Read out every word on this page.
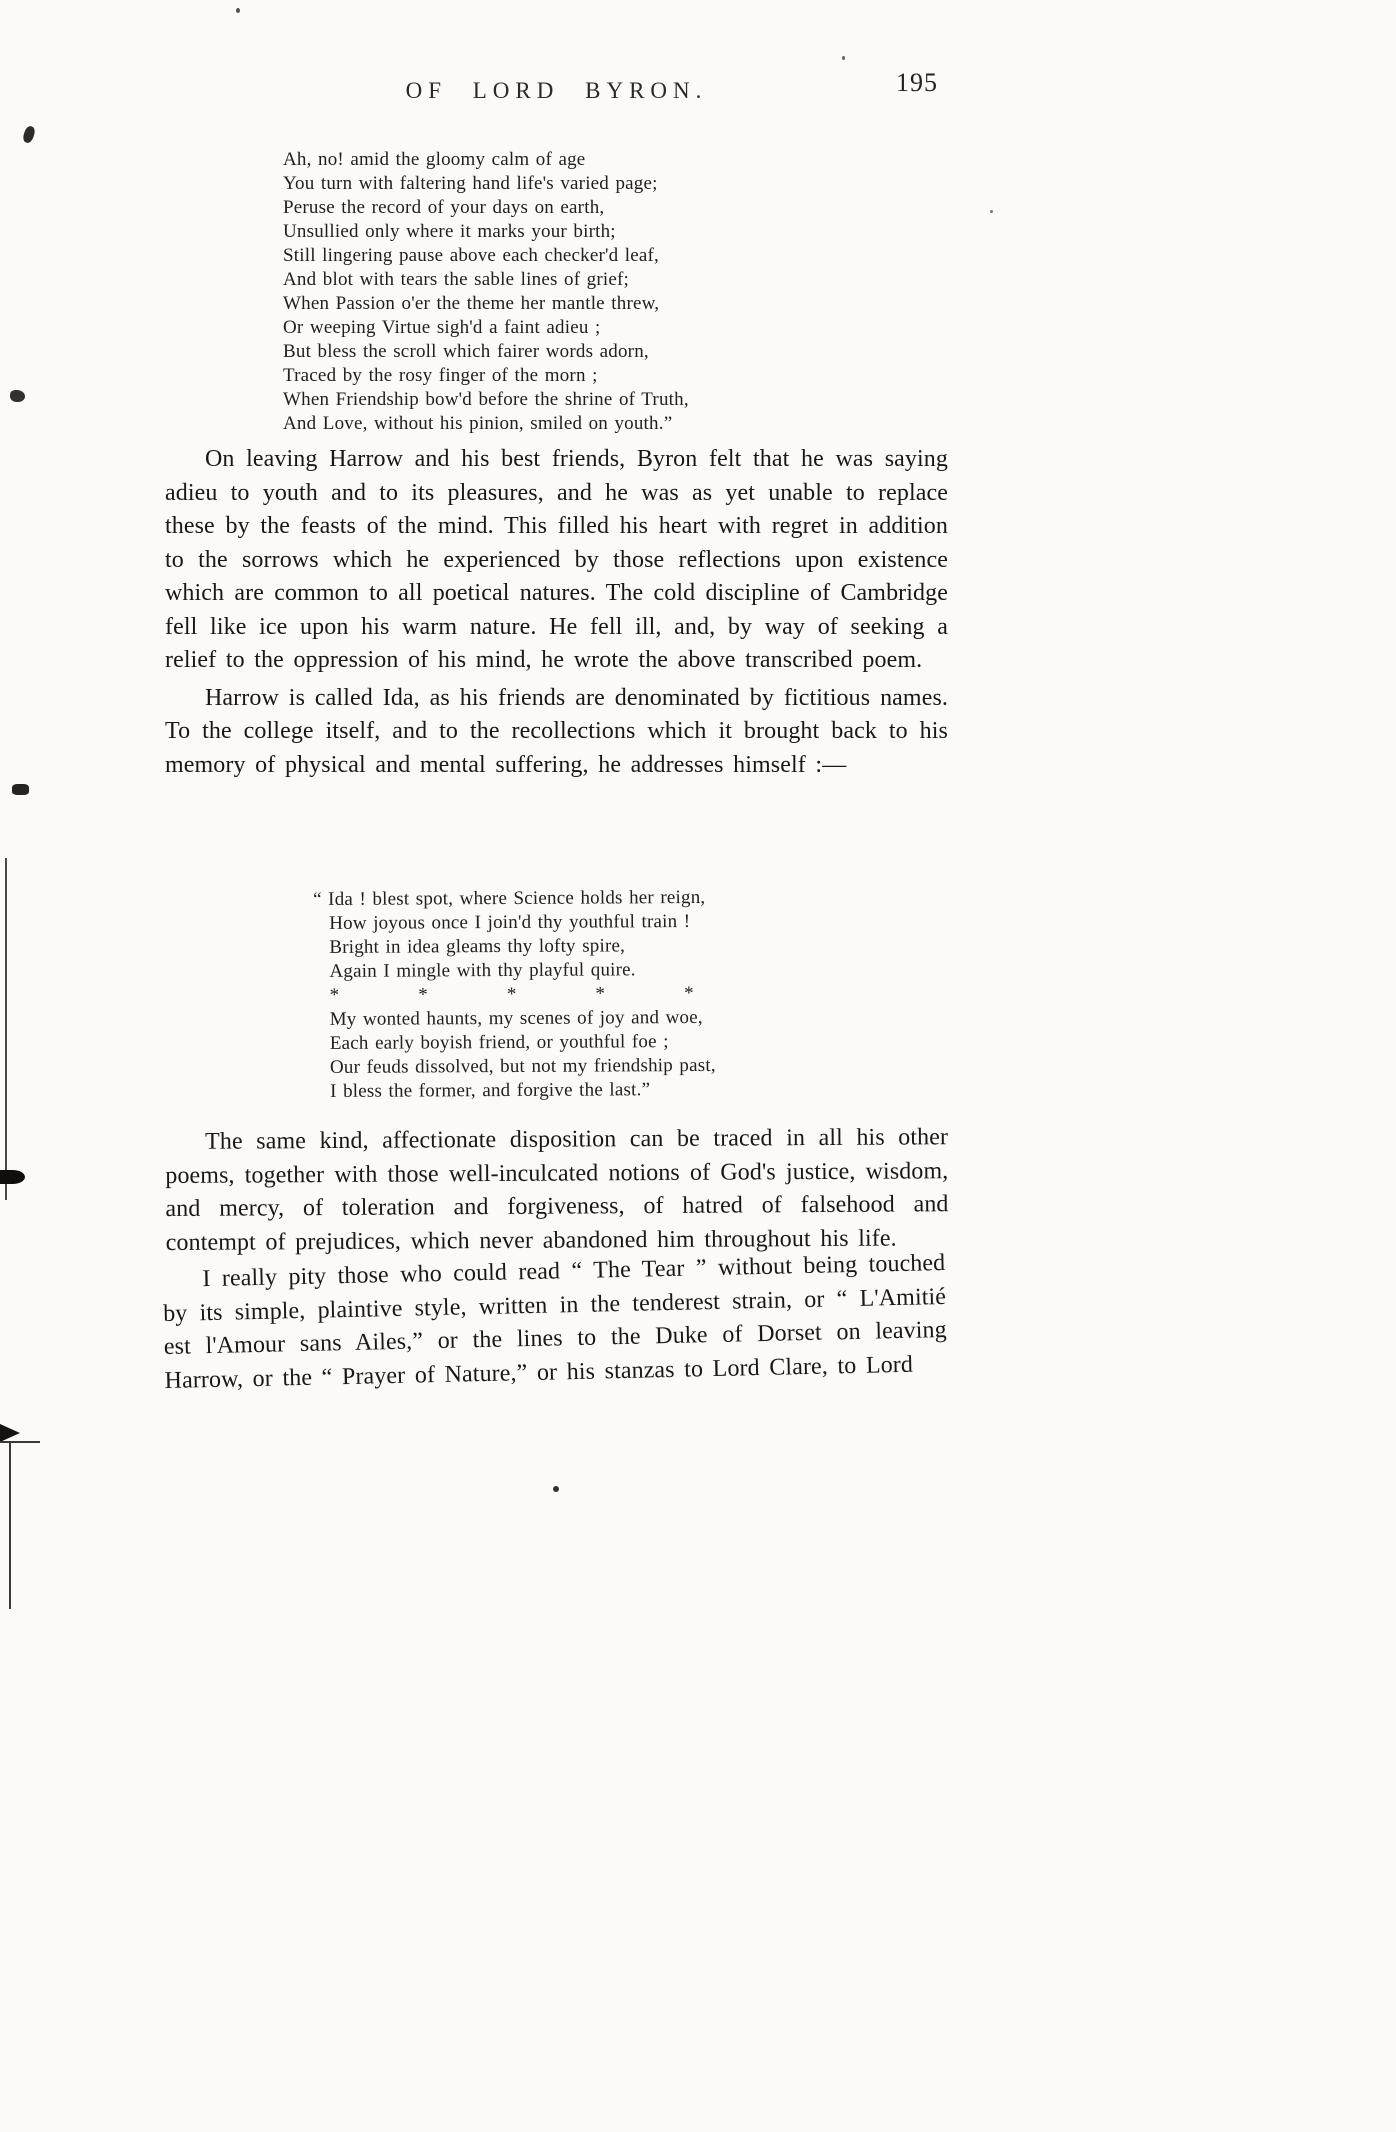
OF LORD BYRON.	195
Ah, no! amid the gloomy calm of age
You turn with faltering hand life's varied page;
Peruse the record of your days on earth,
Unsullied only where it marks your birth;
Still lingering pause above each checker'd leaf,
And blot with tears the sable lines of grief;
When Passion o'er the theme her mantle threw,
Or weeping Virtue sigh'd a faint adieu ;
But bless the scroll which fairer words adorn,
Traced by the rosy finger of the morn ;
When Friendship bow'd before the shrine of Truth,
And Love, without his pinion, smiled on youth.”

On leaving Harrow and his best friends, Byron felt that he was saying adieu to youth and to its pleasures, and he was as yet unable to replace these by the feasts of the mind. This filled his heart with regret in addition to the sorrows which he experienced by those reflections upon existence which are common to all poetical natures. The cold discipline of Cambridge fell like ice upon his warm nature. He fell ill, and, by way of seeking a relief to the oppression of his mind, he wrote the above transcribed poem.

Harrow is called Ida, as his friends are denominated by fictitious names. To the college itself, and to the recollections which it brought back to his memory of physical and mental suffering, he addresses himself :—

“ Ida ! blest spot, where Science holds her reign,
How joyous once I join'd thy youthful train !
Bright in idea gleams thy lofty spire,
Again I mingle with thy playful quire.
* * * * *
My wonted haunts, my scenes of joy and woe,
Each early boyish friend, or youthful foe ;
Our feuds dissolved, but not my friendship past,
I bless the former, and forgive the last.”

The same kind, affectionate disposition can be traced in all his other poems, together with those well-inculcated notions of God's justice, wisdom, and mercy, of toleration and forgiveness, of hatred of falsehood and contempt of prejudices, which never abandoned him throughout his life.

I really pity those who could read “ The Tear ” without being touched by its simple, plaintive style, written in the tenderest strain, or “ L'Amitié est l'Amour sans Ailes,” or the lines to the Duke of Dorset on leaving Harrow, or the “ Prayer of Nature,” or his stanzas to Lord Clare, to Lord
